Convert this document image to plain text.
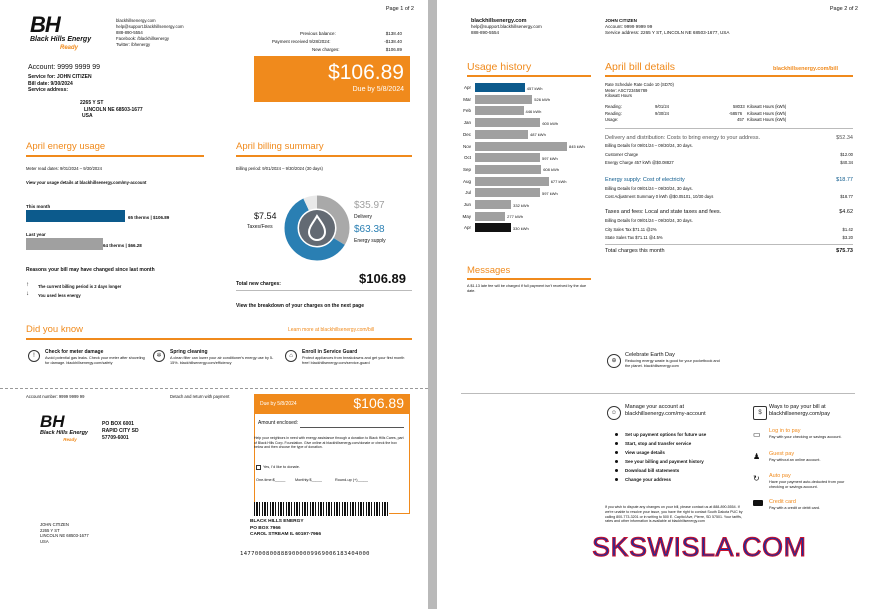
Page 1 of 2
BH
Black Hills Energy
Ready
blackhillsenergy.com
help@support.blackhillsenergy.com
888-890-5554
Facebook: /blackhillsenergy
Twitter: /bhenergy
Account: 9999 9999 99
Service for: JOHN CITIZEN
Bill date: 9/30/2024
Service address:
2265 Y ST
LINCOLN NE 68503-1677
USA
Previous balance:	$138.40
Payment received 9/28/2024:	-$138.40
New charges:	$106.89
$106.89
Due by 5/8/2024
April energy usage
Meter read dates: 9/01/2024 – 9/30/2024
View your usage details at blackhillsenergy.com/my-account
This month
65 therms | $106.89
Last year
64 therms | $66.28
Reasons your bill may have changed since last month
↑ The current billing period is 2 days longer
↓ You used less energy
April billing summary
Billing period: 9/01/2024 – 9/30/2024 (30 days)
$7.54
Taxes/Fees
$35.97
Delivery
$63.38
Energy supply
Total new charges:	$106.89
View the breakdown of your charges on the next page
Did you know	Learn more at blackhillsenergy.com/bill
!
Check for meter damage
Avoid potential gas leaks. Check your meter after shoveling for damage. blackhillsenergy.com/safety
✲
Spring cleaning
A clean filter can lower your air conditioner's energy use by 5-15%. blackhillsenergy.com/efficiency
⌂
Enroll in Service Guard
Protect appliances from breakdowns and get your first month free! blackhillsenergy.com/service-guard
Account number: 9999 9999 99	Detach and return with payment
BH
Black Hills Energy
Ready
PO BOX 6001
RAPID CITY SD
57709-6001
Due by 5/8/2024	$106.89
Amount enclosed:
Help your neighbors in need with energy assistance through a donation to Black Hills Cares, part of Black Hills Corp. Foundation. Give online at blackhillsenergy.com/donate or check the box below and then choose the type of donation.
Yes, I'd like to donate.
One-time:$_____	Monthly:$_____	Round-up (+)_____
JOHN CITIZEN
2265 Y ST
LINCOLN NE 68503-1677
USA
BLACK HILLS ENERGY
PO BOX 7966
CAROL STREAM IL 60197-7966
14770008008889000009969006183404000
Page 2 of 2
blackhillsenergy.com
help@support.blackhillsenergy.com
888-890-5554
JOHN CITIZEN
Account: 9999 9999 99
Service address: 2265 Y ST, LINCOLN NE 68503-1677, USA
Usage history
Apr	457 kWh
Mar	526 kWh
Feb	446 kWh
Jan	600 kWh
Dec	487 kWh
Nov	845 kWh
Oct	597 kWh
Sep	608 kWh
Aug	677 kWh
Jul	597 kWh
Jun	332 kWh
May	277 kWh
Apr	330 kWh
Messages
A $1.13 late fee will be charged if full payment isn't received by the due date.
April bill details	blackhillsenergy.com/bill
Rate Schedule Rate Code 10 (SD70)
Meter: ASC723456789
Kilowatt Hours
Reading:	9/01/24	58033 Kilowatt Hours (kWh)
Reading:	9/30/24	-58576 Kilowatt Hours (kWh)
Usage:	457 Kilowatt Hours (kWh)
Delivery and distribution: Costs to bring energy to your address.	$52.34
Billing Details for 09/01/24 – 09/30/24, 30 days.
Customer Charge	$12.00
Energy Charge 457 kWh @$0.08827	$40.34
Energy supply: Cost of electricity	$18.77
Billing Details for 09/01/24 – 09/30/24, 30 days.
Cost Adjustment Summary 0 kWh @$0.05101, 10/30 days	$18.77
Taxes and fees: Local and state taxes and fees.	$4.62
Billing Details for 09/01/24 – 09/30/24, 30 days.
City Sales Tax $71.11 @2%	$1.42
State Sales Tax $71.11 @4.5%	$3.20
Total charges this month	$75.73
⊕
Celebrate Earth Day
Reducing energy waste is good for your pocketbook and the planet. blackhillsenergy.com
☺
Manage your account at blackhillsenergy.com/my-account
Set up payment options for future use
Start, stop and transfer service
View usage details
See your billing and payment history
Download bill statements
Change your address
If you wish to dispute any changes on your bill, please contact us at 888-890-5554. If we're unable to resolve your issue, you have the right to contact South Dakota PUC by calling 800-773-3201 or in writing to 500 E. Capitol Ave, Pierre, SD 57501. Your tariffs, rates and other information is available at blackhillsenergy.com
$
Ways to pay your bill at blackhillsenergy.com/pay
▭ Log in to pay
Pay with your checking or savings account.
♟ Guest pay
Pay without an online account.
↻ Auto pay
Have your payment auto-deducted from your checking or savings account.
Credit card
Pay with a credit or debit card.
SKSWISLA.COM
